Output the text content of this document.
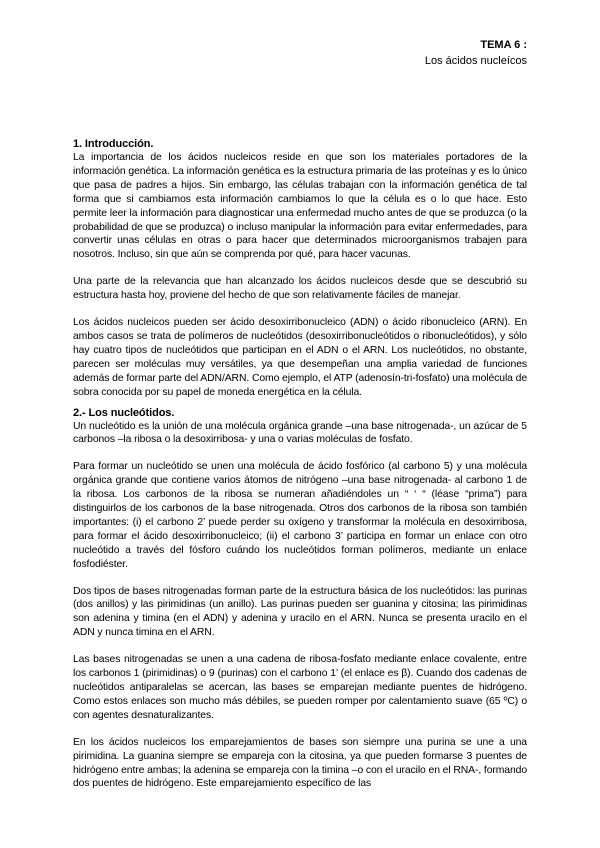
TEMA 6 :
Los ácidos nucleícos
1. Introducción.

La importancia de los ácidos nucleicos reside en que son los materiales portadores de la información genética. La información genética es la estructura primaria de las proteínas y es lo único que pasa de padres a hijos. Sin embargo, las células trabajan con la información genética de tal forma que si cambiamos esta información cambiamos lo que la célula es o lo que hace. Esto permite leer la información para diagnosticar una enfermedad mucho antes de que se produzca (o la probabilidad de que se produzca) o incluso manipular la información para evitar enfermedades, para convertir unas células en otras o para hacer que determinados microorganismos trabajen para nosotros. Incluso, sin que aún se comprenda por qué, para hacer vacunas.

Una parte de la relevancia que han alcanzado los ácidos nucleicos desde que se descubrió su estructura hasta hoy, proviene del hecho de que son relativamente fáciles de manejar.

Los ácidos nucleicos pueden ser ácido desoxirribonucleico (ADN) o ácido ribonucleico (ARN). En ambos casos se trata de polímeros de nucleótidos (desoxirribonucleótidos o ribonucleótidos), y sólo hay cuatro tipos de nucleótidos que participan en el ADN o el ARN. Los nucleótidos, no obstante, parecen ser moléculas muy versátiles, ya que desempeñan una amplia variedad de funciones además de formar parte del ADN/ARN. Como ejemplo, el ATP (adenosín-tri-fosfato) una molécula de sobra conocida por su papel de moneda energética en la célula.

2.- Los nucleótidos.

Un nucleótido es la unión de una molécula orgánica grande –una base nitrogenada-, un azúcar de 5 carbonos –la ribosa o la desoxirribosa- y una o varias moléculas de fosfato.

Para formar un nucleótido se unen una molécula de ácido fosfórico (al carbono 5) y una molécula orgánica grande que contiene varios átomos de nitrógeno –una base nitrogenada- al carbono 1 de la ribosa. Los carbonos de la ribosa se numeran añadiéndoles un “ ‘ “ (léase “prima”) para distinguirlos de los carbonos de la base nitrogenada. Otros dos carbonos de la ribosa son también importantes: (i) el carbono 2’ puede perder su oxígeno y transformar la molécula en desoxirribosa, para formar el ácido desoxirribonucleico; (ii) el carbono 3’ participa en formar un enlace con otro nucleótido a través del fósforo cuándo los nucleótidos forman polímeros, mediante un enlace fosfodiéster.

Dos tipos de bases nitrogenadas forman parte de la estructura básica de los nucleótidos: las purinas (dos anillos) y las pirimidinas (un anillo). Las purinas pueden ser guanina y citosina; las pirimidinas son adenina y timina (en el ADN) y adenina y uracilo en el ARN. Nunca se presenta uracilo en el ADN y nunca timina en el ARN.

Las bases nitrogenadas se unen a una cadena de ribosa-fosfato mediante enlace covalente, entre los carbonos 1 (pirimidinas) o 9 (purinas) con el carbono 1’ (el enlace es β). Cuando dos cadenas de nucleótidos antiparalelas se acercan, las bases se emparejan mediante puentes de hidrógeno. Como estos enlaces son mucho más débiles, se pueden romper por calentamiento suave (65 ºC) o con agentes desnaturalizantes.

En los ácidos nucleicos los emparejamientos de bases son siempre una purina se une a una pirimidina. La guanina siempre se empareja con la citosina, ya que pueden formarse 3 puentes de hidrógeno entre ambas; la adenina se empareja con la timina –o con el uracilo en el RNA-, formando dos puentes de hidrógeno. Este emparejamiento específico de las
